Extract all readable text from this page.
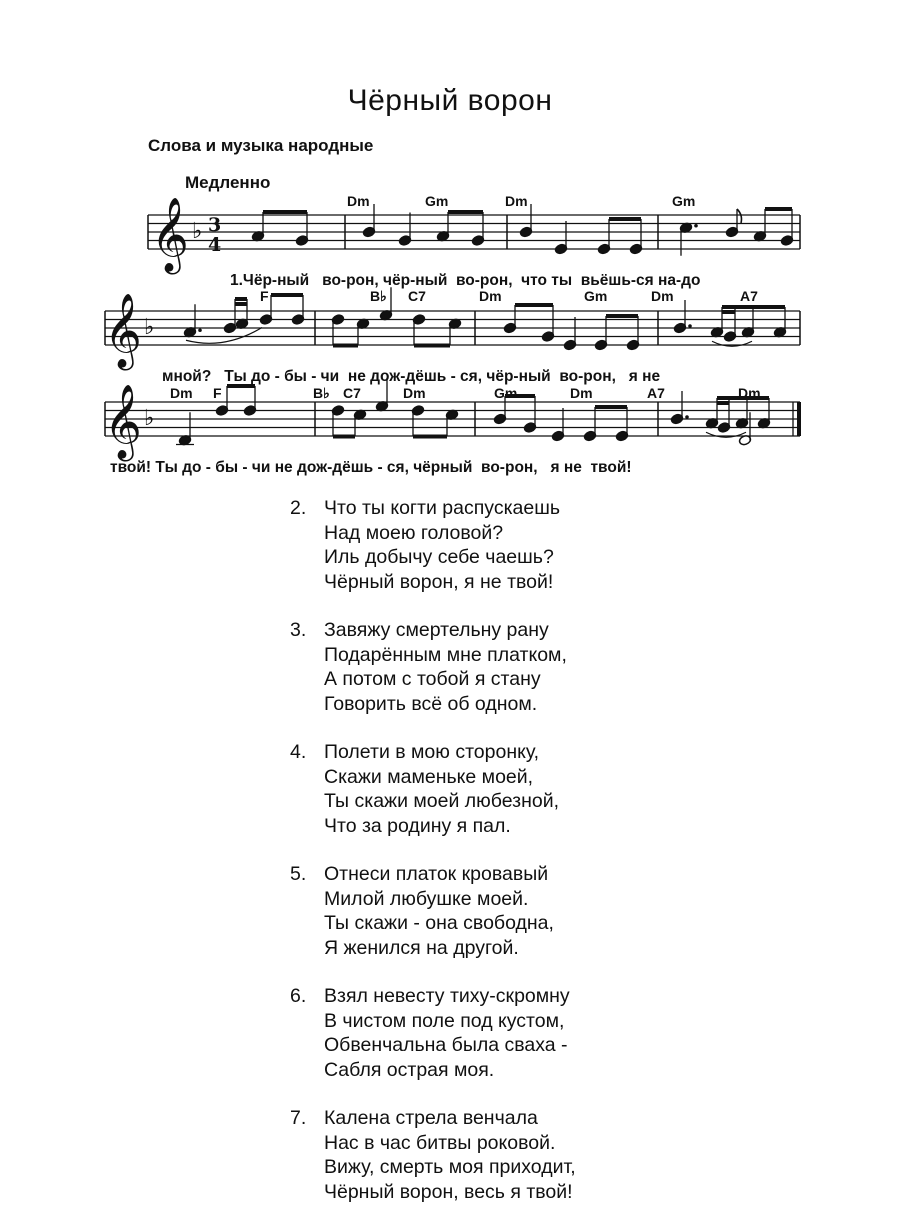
Чёрный ворон
Слова и музыка народные
Медленно
𝄞 ♭ 3
4
Dm	Gm	Dm	Gm
1.Чёр-ный   во-рон, чёр-ный  во-рон,  что ты  вьёшь-ся на-до
𝄞 ♭
F	B♭ C7	Dm	Gm	Dm	A7
мной?   Ты до - бы - чи  не дож-дёшь - ся, чёр-ный  во-рон,   я не
𝄞 ♭
Dm F	B♭ C7	Dm	Gm	Dm	A7	Dm
твой! Ты до - бы - чи не дож-дёшь - ся, чёрный  во-рон,   я не  твой!
2. Что ты когти распускаешь
Над моею головой?
Иль добычу себе чаешь?
Чёрный ворон, я не твой!
3. Завяжу смертельну рану
Подарённым мне платком,
А потом с тобой я стану
Говорить всё об одном.
4. Полети в мою сторонку,
Скажи маменьке моей,
Ты скажи моей любезной,
Что за родину я пал.
5. Отнеси платок кровавый
Милой любушке моей.
Ты скажи - она свободна,
Я женился на другой.
6. Взял невесту тиху-скромну
В чистом поле под кустом,
Обвенчальна была сваха -
Сабля острая моя.
7. Калена стрела венчала
Нас в час битвы роковой.
Вижу, смерть моя приходит,
Чёрный ворон, весь я твой!
